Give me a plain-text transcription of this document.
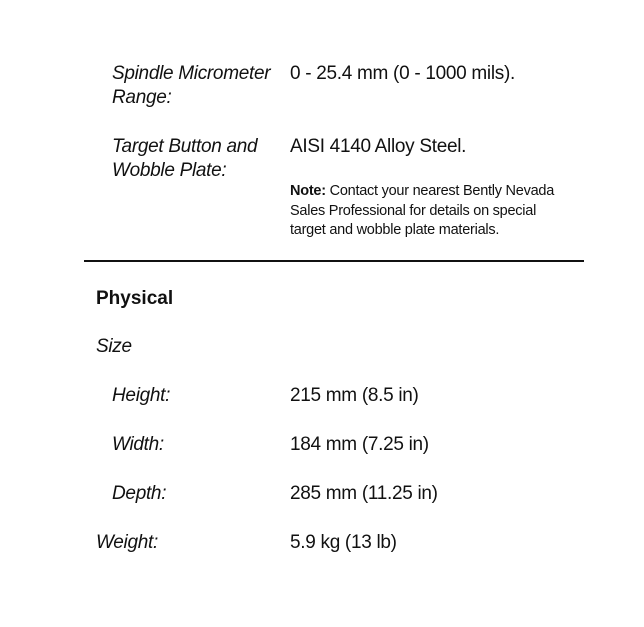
Spindle Micrometer
Range:
0 - 25.4 mm (0 - 1000 mils).
Target Button and
Wobble Plate:
AISI 4140 Alloy Steel.
Note: Contact your nearest Bently Nevada
Sales Professional for details on special
target and wobble plate materials.
Physical
Size
Height:	215 mm (8.5 in)
Width:	184 mm (7.25 in)
Depth:	285 mm (11.25 in)
Weight:	5.9 kg (13 lb)
